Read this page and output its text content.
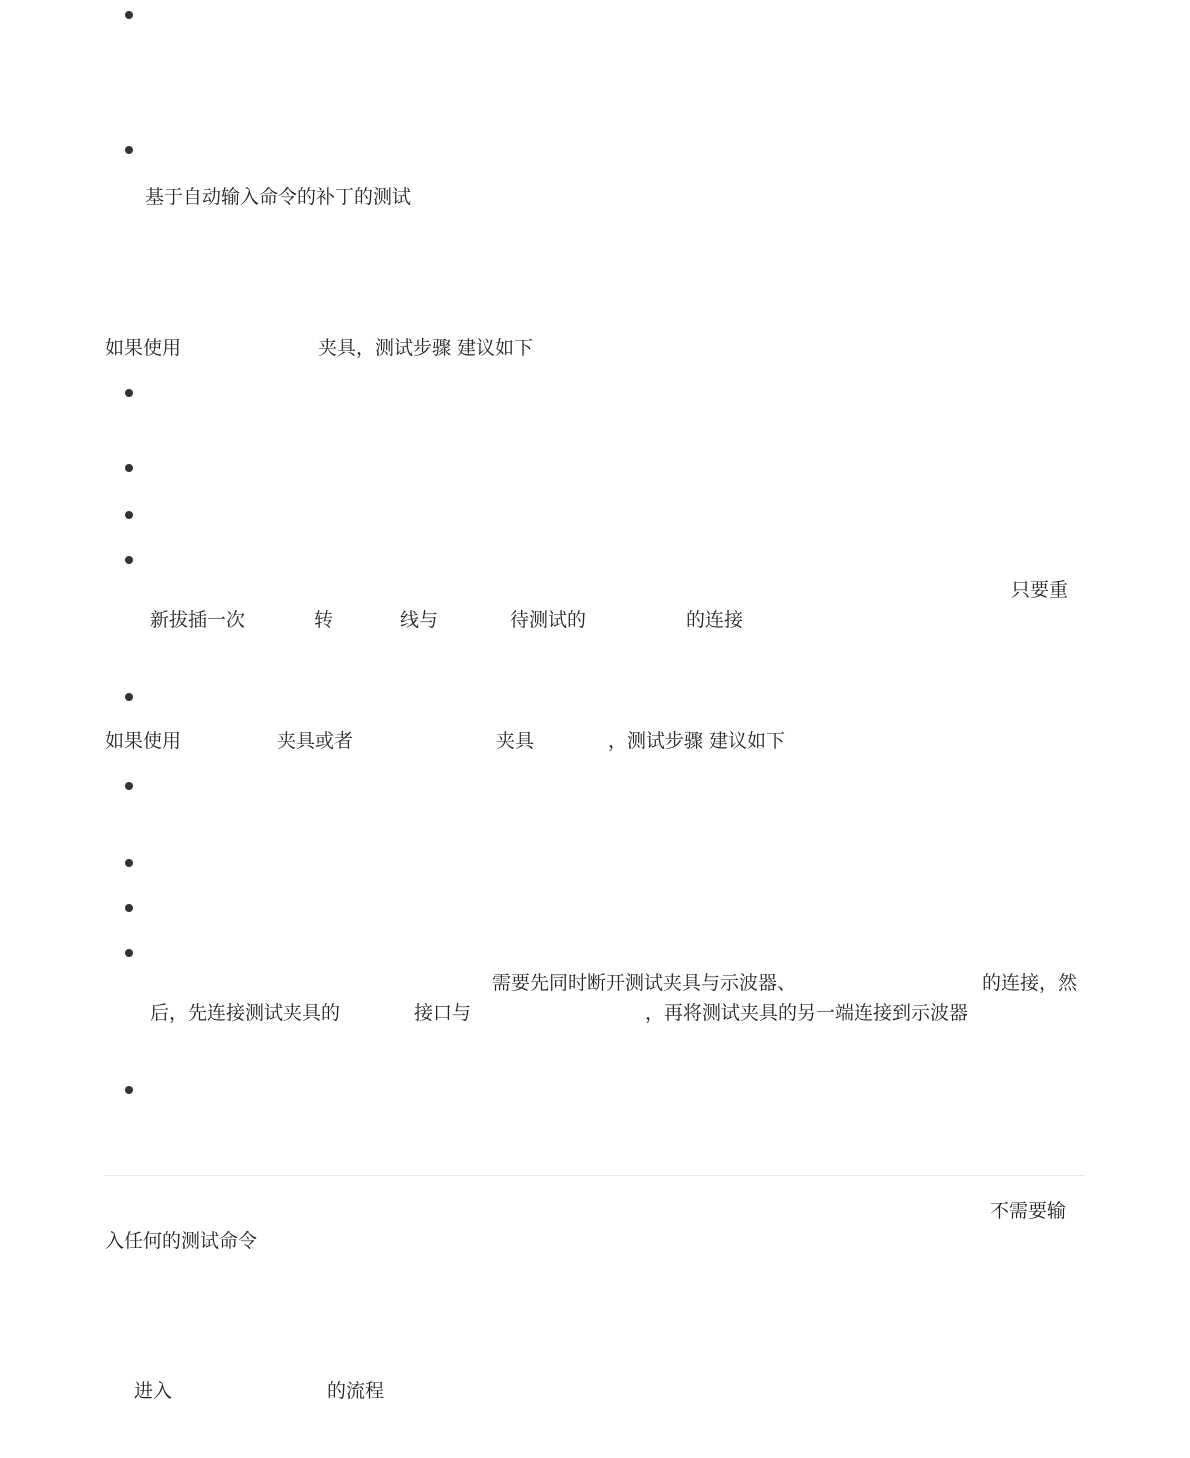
基于自动输入命令的补丁的测试
如果使用	夹具，测试步骤 建议如下
只要重
新拔插一次	转	线与	待测试的	的连接
如果使用	夹具或者	夹具	，测试步骤 建议如下
需要先同时断开测试夹具与示波器、	的连接，然
后，先连接测试夹具的	接口与	，再将测试夹具的另一端连接到示波器
不需要输
入任何的测试命令
进入	的流程
